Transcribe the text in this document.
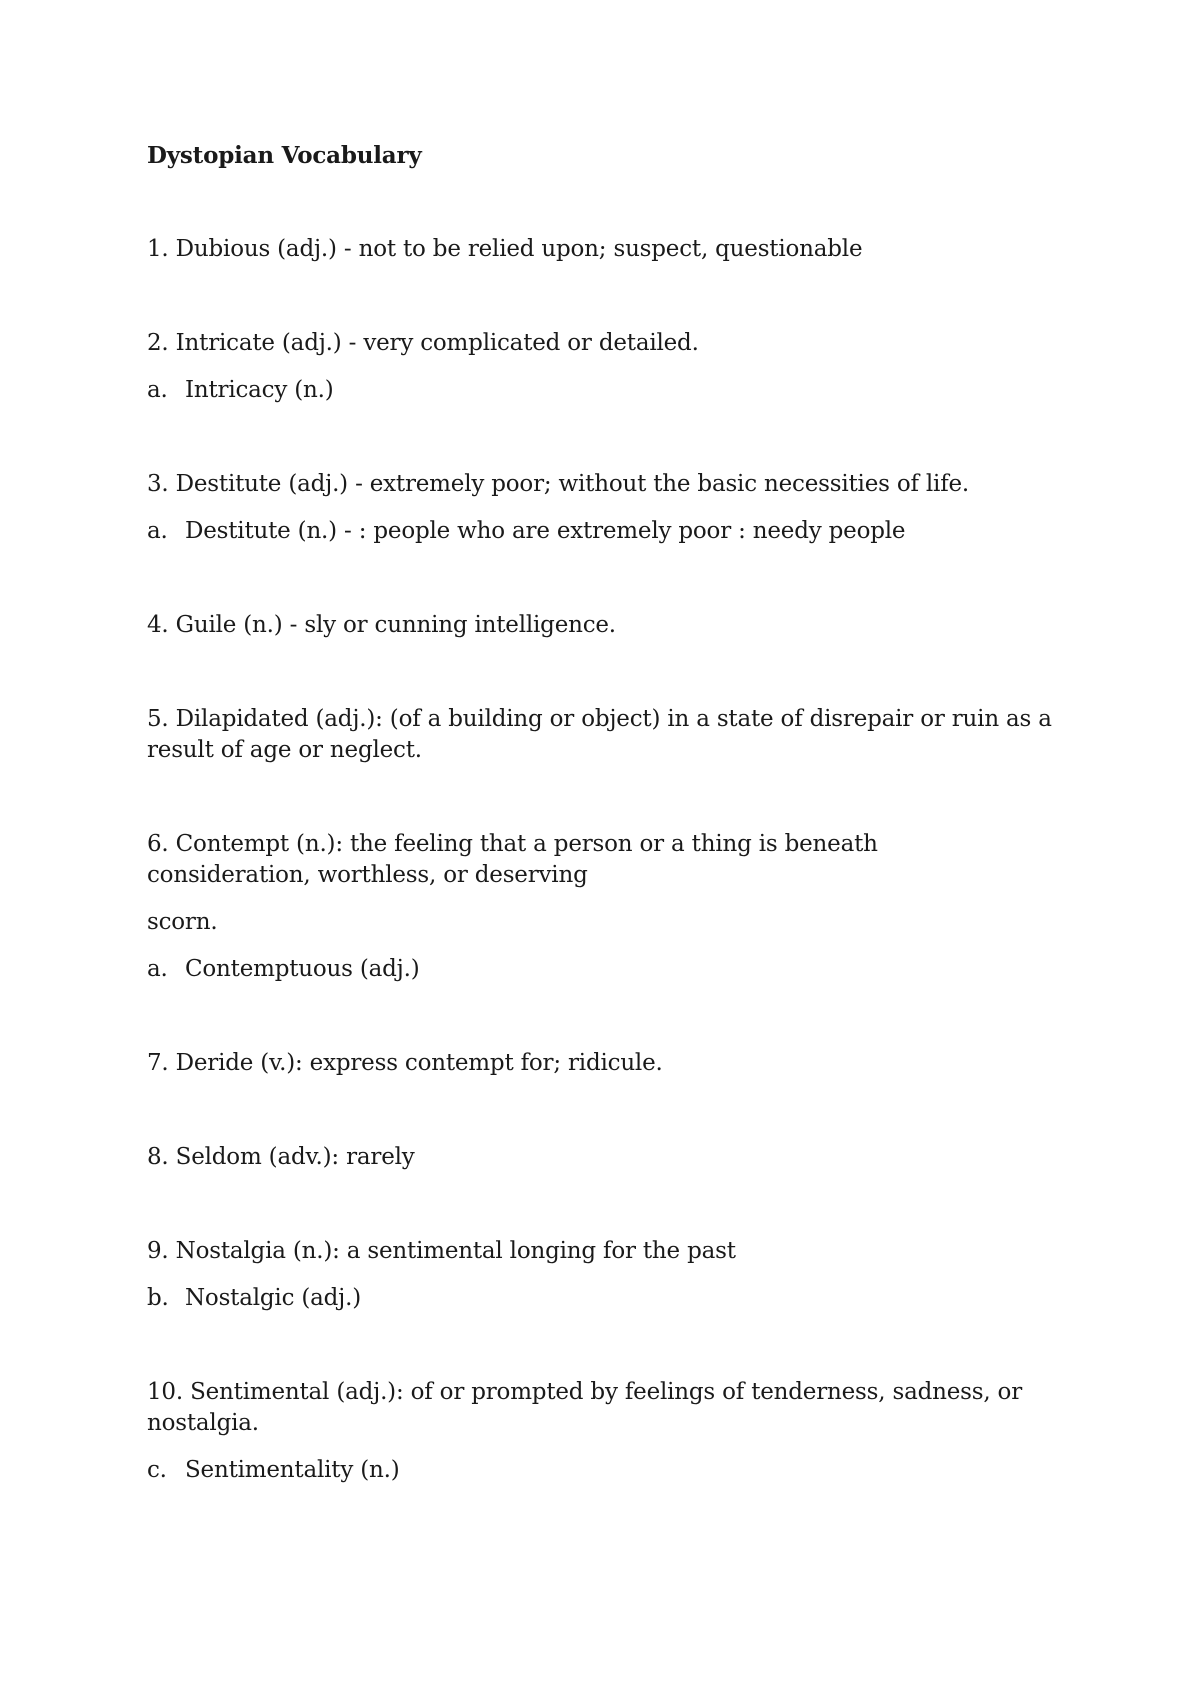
Dystopian Vocabulary

1. Dubious (adj.) - not to be relied upon; suspect, questionable

2. Intricate (adj.) - very complicated or detailed.

a. Intricacy (n.)

3. Destitute (adj.) - extremely poor; without the basic necessities of life.

a. Destitute (n.) - : people who are extremely poor : needy people

4. Guile (n.) - sly or cunning intelligence.

5. Dilapidated (adj.): (of a building or object) in a state of disrepair or ruin as a result of age or neglect.

6. Contempt (n.): the feeling that a person or a thing is beneath consideration, worthless, or deserving

scorn.

a. Contemptuous (adj.)

7. Deride (v.): express contempt for; ridicule.

8. Seldom (adv.): rarely

9. Nostalgia (n.): a sentimental longing for the past

b. Nostalgic (adj.)

10. Sentimental (adj.): of or prompted by feelings of tenderness, sadness, or nostalgia.

c. Sentimentality (n.)
